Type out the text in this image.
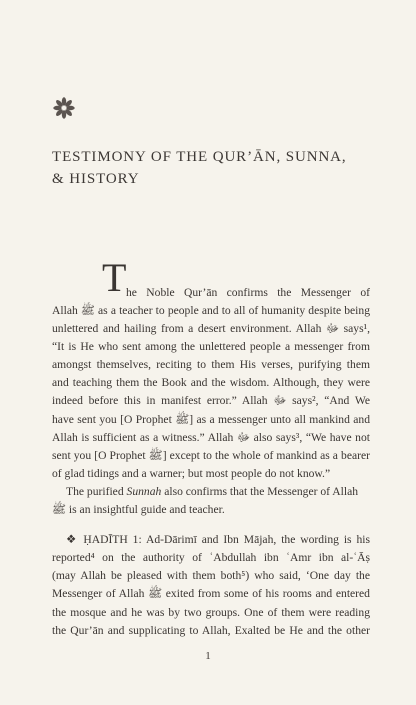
TESTIMONY OF THE QUR’ĀN, SUNNA,
& HISTORY
T he Noble Qur’ān confirms the Messenger of
Allah ﷺ as a teacher to people and to all of humanity despite being
unlettered and hailing from a desert environment. Allah ﷻ says¹,
“It is He who sent among the unlettered people a messenger from
amongst themselves, reciting to them His verses, purifying them
and teaching them the Book and the wisdom. Although, they were
indeed before this in manifest error.” Allah ﷻ says², “And We
have sent you [O Prophet ﷺ] as a messenger unto all mankind and
Allah is sufficient as a witness.” Allah ﷻ also says³, “We have not
sent you [O Prophet ﷺ] except to the whole of mankind as a bearer
of glad tidings and a warner; but most people do not know.”
The purified Sunnah also confirms that the Messenger of Allah
ﷺ is an insightful guide and teacher.
❖ ḤADĪTH 1: Ad-Dārimī and Ibn Mājah, the wording is his
reported⁴ on the authority of ʿAbdullah ibn ʿAmr ibn al-ʿĀṣ
(may Allah be pleased with them both⁵) who said, ‘One day the
Messenger of Allah ﷺ exited from some of his rooms and entered
the mosque and he was by two groups. One of them were reading
the Qur’ān and supplicating to Allah, Exalted be He and the other
1
